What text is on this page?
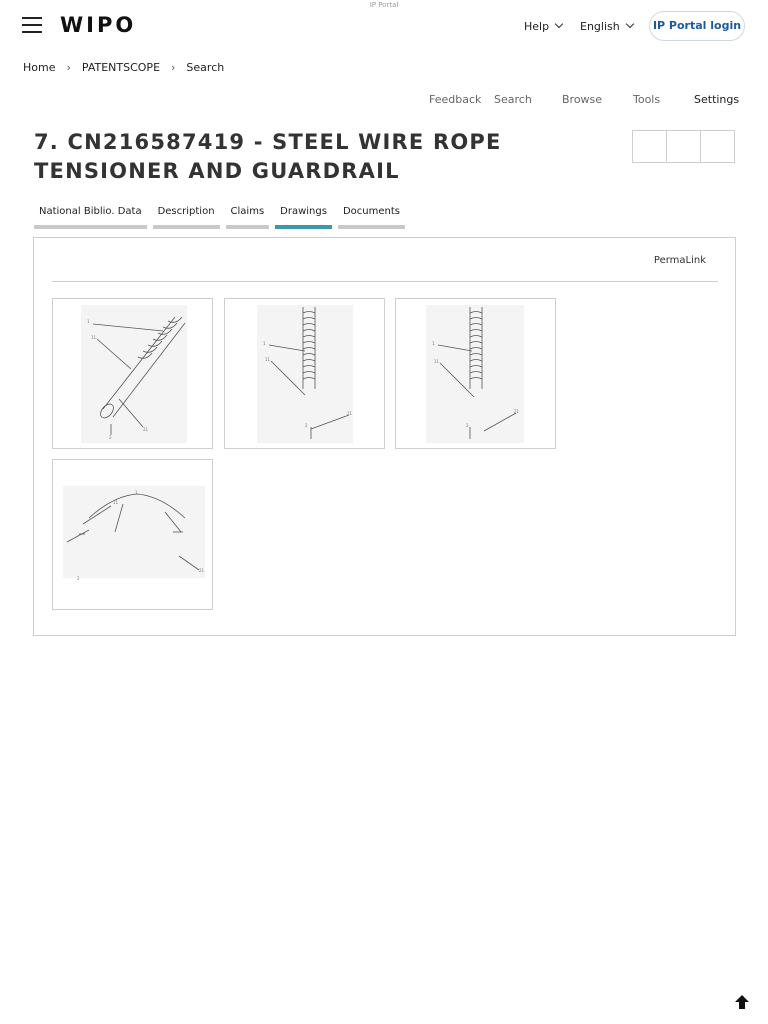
IP Portal
WIPO	Help	English	IP Portal login
Home › PATENTSCOPE › Search
Feedback Search	Browse	Tools	Settings
7. CN216587419 - STEEL WIRE ROPE TENSIONER AND GUARDRAIL
National Biblio. Data	Description	Claims	Drawings	Documents
PermaLink
1
11
21
2
1
11
21
2
1
11
21
2
1
11
21
2
